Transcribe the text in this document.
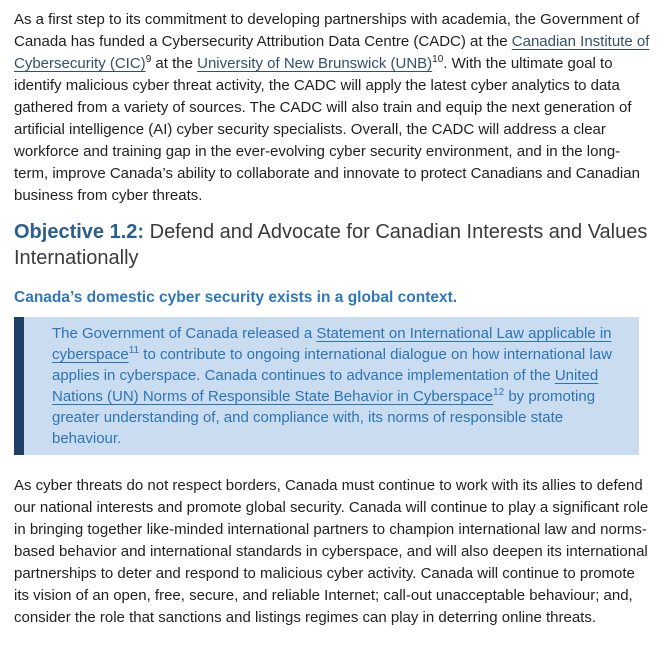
As a first step to its commitment to developing partnerships with academia, the Government of Canada has funded a Cybersecurity Attribution Data Centre (CADC) at the Canadian Institute of Cybersecurity (CIC)$^9$ at the University of New Brunswick (UNB)$^{10}$. With the ultimate goal to identify malicious cyber threat activity, the CADC will apply the latest cyber analytics to data gathered from a variety of sources. The CADC will also train and equip the next generation of artificial intelligence (AI) cyber security specialists. Overall, the CADC will address a clear workforce and training gap in the ever-evolving cyber security environment, and in the long- term, improve Canada’s ability to collaborate and innovate to protect Canadians and Canadian business from cyber threats.

Objective 1.2: Defend and Advocate for Canadian Interests and Values Internationally
Canada’s domestic cyber security exists in a global context.

The Government of Canada released a Statement on International Law applicable in cyberspace$^{11}$ to contribute to ongoing international dialogue on how international law applies in cyberspace. Canada continues to advance implementation of the United Nations (UN) Norms of Responsible State Behavior in Cyberspace$^{12}$ by promoting greater understanding of, and compliance with, its norms of responsible state behaviour.

As cyber threats do not respect borders, Canada must continue to work with its allies to defend our national interests and promote global security. Canada will continue to play a significant role in bringing together like-minded international partners to champion international law and norms-based behavior and international standards in cyberspace, and will also deepen its international partnerships to deter and respond to malicious cyber activity. Canada will continue to promote its vision of an open, free, secure, and reliable Internet; call-out unacceptable behaviour; and, consider the role that sanctions and listings regimes can play in deterring online threats.
